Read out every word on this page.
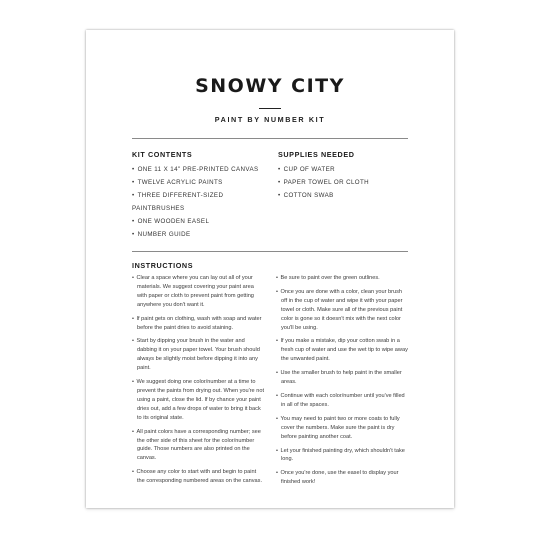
SNOWY CITY
PAINT BY NUMBER KIT
KIT CONTENTS
• ONE 11 X 14" PRE-PRINTED CANVAS
• TWELVE ACRYLIC PAINTS
• THREE DIFFERENT-SIZED PAINTBRUSHES
• ONE WOODEN EASEL
• NUMBER GUIDE
SUPPLIES NEEDED
• CUP OF WATER
• PAPER TOWEL OR CLOTH
• COTTON SWAB
INSTRUCTIONS
• Clear a space where you can lay out all of your materials. We suggest covering your paint area with paper or cloth to prevent paint from getting anywhere you don't want it.
• If paint gets on clothing, wash with soap and water before the paint dries to avoid staining.
• Start by dipping your brush in the water and dabbing it on your paper towel. Your brush should always be slightly moist before dipping it into any paint.
• We suggest doing one color/number at a time to prevent the paints from drying out. When you're not using a paint, close the lid. If by chance your paint dries out, add a few drops of water to bring it back to its original state.
• All paint colors have a corresponding number; see the other side of this sheet for the color/number guide. Those numbers are also printed on the canvas.
• Choose any color to start with and begin to paint the corresponding numbered areas on the canvas.
• Be sure to paint over the green outlines.
• Once you are done with a color, clean your brush off in the cup of water and wipe it with your paper towel or cloth. Make sure all of the previous paint color is gone so it doesn't mix with the next color you'll be using.
• If you make a mistake, dip your cotton swab in a fresh cup of water and use the wet tip to wipe away the unwanted paint.
• Use the smaller brush to help paint in the smaller areas.
• Continue with each color/number until you've filled in all of the spaces.
• You may need to paint two or more coats to fully cover the numbers. Make sure the paint is dry before painting another coat.
• Let your finished painting dry, which shouldn't take long.
• Once you're done, use the easel to display your finished work!
